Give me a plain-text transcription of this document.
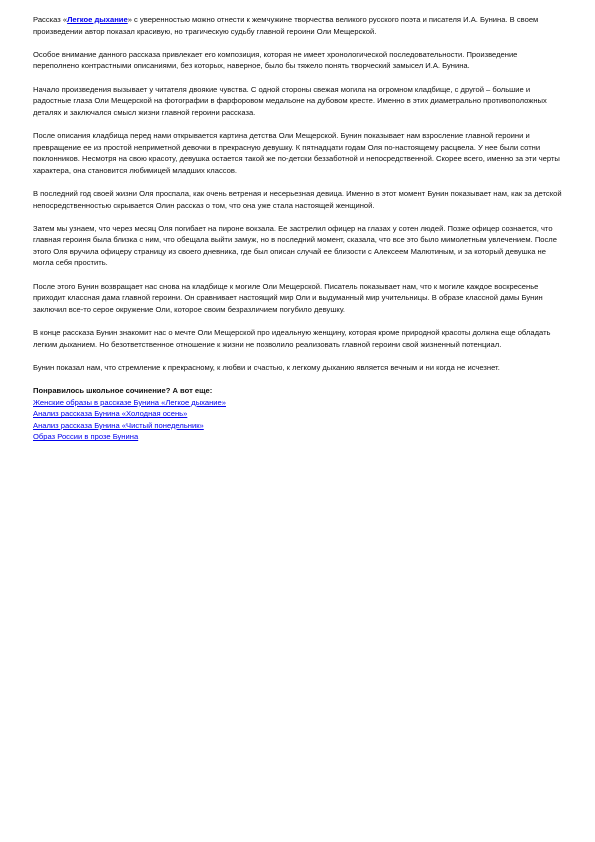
Рассказ «Легкое дыхание» с уверенностью можно отнести к жемчужине творчества великого русского поэта и писателя И.А. Бунина. В своем произведении автор показал красивую, но трагическую судьбу главной героини Оли Мещерской.

Особое внимание данного рассказа привлекает его композиция, которая не имеет хронологической последовательности. Произведение переполнено контрастными описаниями, без которых, наверное, было бы тяжело понять творческий замысел И.А. Бунина.

Начало произведения вызывает у читателя двоякие чувства. С одной стороны свежая могила на огромном кладбище, с другой – большие и радостные глаза Оли Мещерской на фотографии в фарфоровом медальоне на дубовом кресте. Именно в этих диаметрально противоположных деталях и заключался смысл жизни главной героини рассказа.

После описания кладбища перед нами открывается картина детства Оли Мещерской. Бунин показывает нам взросление главной героини и превращение ее из простой неприметной девочки в прекрасную девушку. К пятнадцати годам Оля по-настоящему расцвела. У нее были сотни поклонников. Несмотря на свою красоту, девушка остается такой же по-детски беззаботной и непосредственной. Скорее всего, именно за эти черты характера, она становится любимицей младших классов.

В последний год своей жизни Оля проспала, как очень ветреная и несерьезная девица. Именно в этот момент Бунин показывает нам, как за детской непосредственностью скрывается Олин рассказ о том, что она уже стала настоящей женщиной.

Затем мы узнаем, что через месяц Оля погибает на пироне вокзала. Ее застрелил офицер на глазах у сотен людей. Позже офицер сознается, что главная героиня была близка с ним, что обещала выйти замуж, но в последний момент, сказала, что все это было мимолетным увлечением. После этого Оля вручила офицеру страницу из своего дневника, где был описан случай ее близости с Алексеем Малютиным, и за который девушка не могла себя простить.

После этого Бунин возвращает нас снова на кладбище к могиле Оли Мещерской. Писатель показывает нам, что к могиле каждое воскресенье приходит классная дама главной героини. Он сравнивает настоящий мир Оли и выдуманный мир учительницы. В образе классной дамы Бунин заключил все-то серое окружение Оли, которое своим безразличием погубило девушку.

В конце рассказа Бунин знакомит нас о мечте Оли Мещерской про идеальную женщину, которая кроме природной красоты должна еще обладать легким дыханием. Но безответственное отношение к жизни не позволило реализовать главной героини свой жизненный потенциал.

Бунин показал нам, что стремление к прекрасному, к любви и счастью, к легкому дыханию является вечным и ни когда не исчезнет.

Понравилось школьное сочинение? А вот еще:

Женские образы в рассказе Бунина «Легкое дыхание»
Анализ рассказа Бунина «Холодная осень»
Анализ рассказа Бунина «Чистый понедельник»
Образ России в прозе Бунина
